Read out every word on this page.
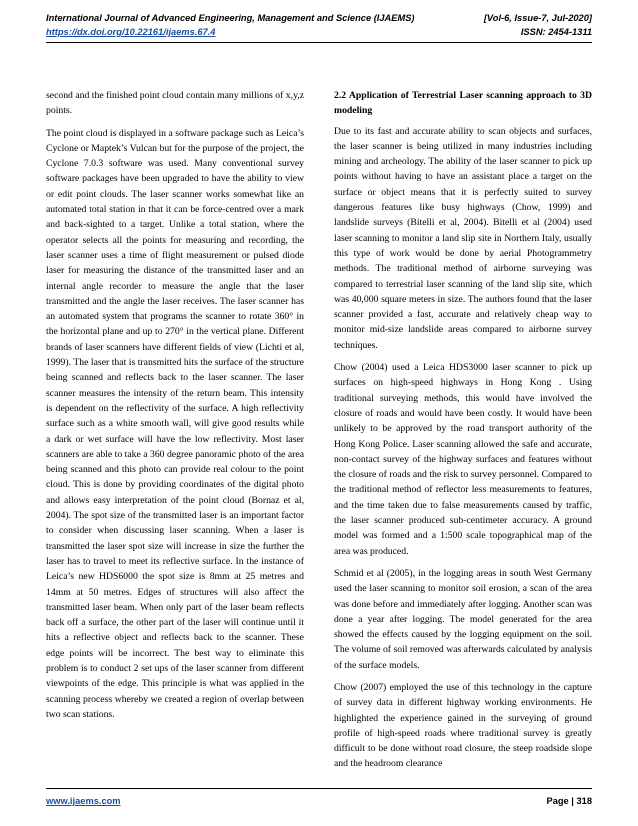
International Journal of Advanced Engineering, Management and Science (IJAEMS)	[Vol-6, Issue-7, Jul-2020]
https://dx.doi.org/10.22161/ijaems.67.4	ISSN: 2454-1311

second and the finished point cloud contain many millions of x,y,z points.

The point cloud is displayed in a software package such as Leica’s Cyclone or Maptek’s Vulcan but for the purpose of the project, the Cyclone 7.0.3 software was used. Many conventional survey software packages have been upgraded to have the ability to view or edit point clouds. The laser scanner works somewhat like an automated total station in that it can be force-centred over a mark and back-sighted to a target. Unlike a total station, where the operator selects all the points for measuring and recording, the laser scanner uses a time of flight measurement or pulsed diode laser for measuring the distance of the transmitted laser and an internal angle recorder to measure the angle that the laser transmitted and the angle the laser receives. The laser scanner has an automated system that programs the scanner to rotate 360° in the horizontal plane and up to 270° in the vertical plane. Different brands of laser scanners have different fields of view (Lichti et al, 1999). The laser that is transmitted hits the surface of the structure being scanned and reflects back to the laser scanner. The laser scanner measures the intensity of the return beam. This intensity is dependent on the reflectivity of the surface. A high reflectivity surface such as a white smooth wall, will give good results while a dark or wet surface will have the low reflectivity. Most laser scanners are able to take a 360 degree panoramic photo of the area being scanned and this photo can provide real colour to the point cloud. This is done by providing coordinates of the digital photo and allows easy interpretation of the point cloud (Bornaz et al, 2004). The spot size of the transmitted laser is an important factor to consider when discussing laser scanning. When a laser is transmitted the laser spot size will increase in size the further the laser has to travel to meet its reflective surface. In the instance of Leica’s new HDS6000 the spot size is 8mm at 25 metres and 14mm at 50 metres. Edges of structures will also affect the transmitted laser beam. When only part of the laser beam reflects back off a surface, the other part of the laser will continue until it hits a reflective object and reflects back to the scanner. These edge points will be incorrect. The best way to eliminate this problem is to conduct 2 set ups of the laser scanner from different viewpoints of the edge. This principle is what was applied in the scanning process whereby we created a region of overlap between two scan stations.

2.2 Application of Terrestrial Laser scanning approach to 3D modeling

Due to its fast and accurate ability to scan objects and surfaces, the laser scanner is being utilized in many industries including mining and archeology. The ability of the laser scanner to pick up points without having to have an assistant place a target on the surface or object means that it is perfectly suited to survey dangerous features like busy highways (Chow, 1999) and landslide surveys (Bitelli et al, 2004). Bitelli et al (2004) used laser scanning to monitor a land slip site in Northern Italy, usually this type of work would be done by aerial Photogrammetry methods. The traditional method of airborne surveying was compared to terrestrial laser scanning of the land slip site, which was 40,000 square meters in size. The authors found that the laser scanner provided a fast, accurate and relatively cheap way to monitor mid-size landslide areas compared to airborne survey techniques.

Chow (2004) used a Leica HDS3000 laser scanner to pick up surfaces on high-speed highways in Hong Kong . Using traditional surveying methods, this would have involved the closure of roads and would have been costly. It would have been unlikely to be approved by the road transport authority of the Hong Kong Police. Laser scanning allowed the safe and accurate, non-contact survey of the highway surfaces and features without the closure of roads and the risk to survey personnel. Compared to the traditional method of reflector less measurements to features, and the time taken due to false measurements caused by traffic, the laser scanner produced sub-centimeter accuracy. A ground model was formed and a 1:500 scale topographical map of the area was produced.

Schmid et al (2005), in the logging areas in south West Germany used the laser scanning to monitor soil erosion, a scan of the area was done before and immediately after logging. Another scan was done a year after logging. The model generated for the area showed the effects caused by the logging equipment on the soil. The volume of soil removed was afterwards calculated by analysis of the surface models.

Chow (2007) employed the use of this technology in the capture of survey data in different highway working environments. He highlighted the experience gained in the surveying of ground profile of high-speed roads where traditional survey is greatly difficult to be done without road closure, the steep roadside slope and the headroom clearance

www.ijaems.com	Page | 318
